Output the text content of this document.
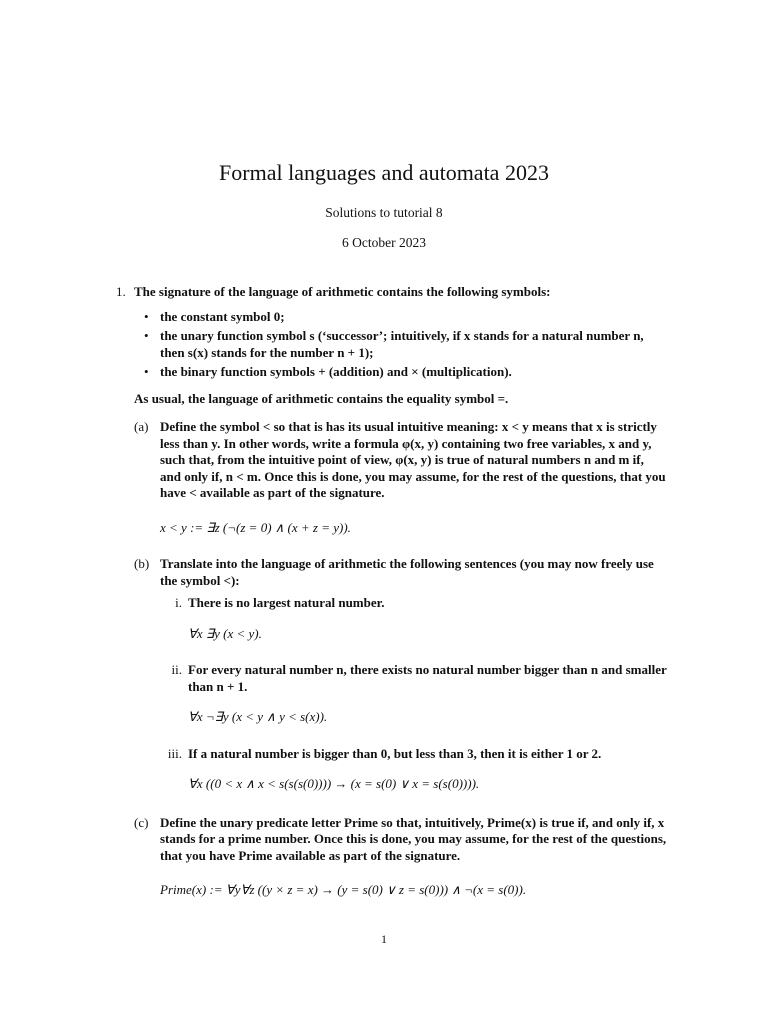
Formal languages and automata 2023
Solutions to tutorial 8
6 October 2023
1. The signature of the language of arithmetic contains the following symbols:
• the constant symbol 0;
• the unary function symbol s (‘successor’; intuitively, if x stands for a natural number n, then s(x) stands for the number n + 1);
• the binary function symbols + (addition) and × (multiplication).
As usual, the language of arithmetic contains the equality symbol =.
(a) Define the symbol < so that is has its usual intuitive meaning: x < y means that x is strictly less than y. In other words, write a formula φ(x, y) containing two free variables, x and y, such that, from the intuitive point of view, φ(x, y) is true of natural numbers n and m if, and only if, n < m. Once this is done, you may assume, for the rest of the questions, that you have < available as part of the signature.
x < y := ∃z (¬(z = 0) ∧ (x + z = y)).
(b) Translate into the language of arithmetic the following sentences (you may now freely use the symbol <):
i. There is no largest natural number.
∀x ∃y (x < y).
ii. For every natural number n, there exists no natural number bigger than n and smaller than n + 1.
∀x ¬∃y (x < y ∧ y < s(x)).
iii. If a natural number is bigger than 0, but less than 3, then it is either 1 or 2.
∀x ((0 < x ∧ x < s(s(s(0)))) → (x = s(0) ∨ x = s(s(0)))).
(c) Define the unary predicate letter Prime so that, intuitively, Prime(x) is true if, and only if, x stands for a prime number. Once this is done, you may assume, for the rest of the questions, that you have Prime available as part of the signature.
Prime(x) := ∀y∀z ((y × z = x) → (y = s(0) ∨ z = s(0))) ∧ ¬(x = s(0)).
1
